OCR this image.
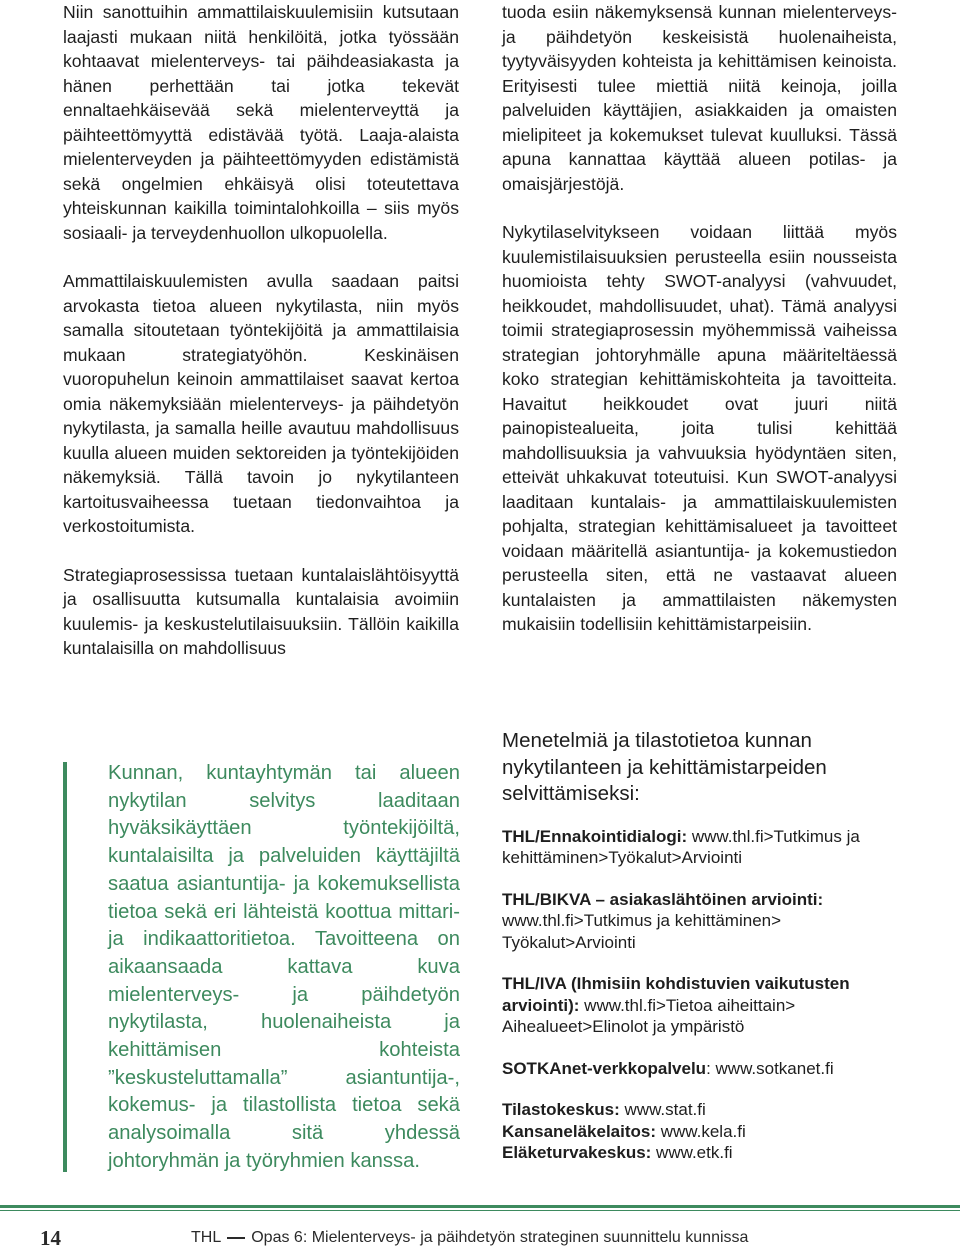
Niin sanottuihin ammattilaiskuulemisiin kutsutaan laajasti mukaan niitä henkilöitä, jotka työssään kohtaavat mielenterveys- tai päihdeasiakasta ja hänen perhettään tai jotka tekevät ennaltaehkäisevää sekä mielenterveyttä ja päihteettömyyttä edistävää työtä. Laaja-alaista mielenterveyden ja päihteettömyyden edistämistä sekä ongelmien ehkäisyä olisi toteutettava yhteiskunnan kaikilla toimintalohkoilla – siis myös sosiaali- ja terveydenhuollon ulkopuolella.

Ammattilaiskuulemisten avulla saadaan paitsi arvokasta tietoa alueen nykytilasta, niin myös samalla sitoutetaan työntekijöitä ja ammattilaisia mukaan strategiatyöhön. Keskinäisen vuoropuhelun keinoin ammattilaiset saavat kertoa omia näkemyksiään mielenterveys- ja päihdetyön nykytilasta, ja samalla heille avautuu mahdollisuus kuulla alueen muiden sektoreiden ja työntekijöiden näkemyksiä. Tällä tavoin jo nykytilanteen kartoitusvaiheessa tuetaan tiedonvaihtoa ja verkostoitumista.

Strategiaprosessissa tuetaan kuntalaislähtöisyyttä ja osallisuutta kutsumalla kuntalaisia avoimiin kuulemis- ja keskustelutilaisuuksiin. Tällöin kaikilla kuntalaisilla on mahdollisuus

tuoda esiin näkemyksensä kunnan mielenterveys- ja päihdetyön keskeisistä huolenaiheista, tyytyväisyyden kohteista ja kehittämisen keinoista. Erityisesti tulee miettiä niitä keinoja, joilla palveluiden käyttäjien, asiakkaiden ja omaisten mielipiteet ja kokemukset tulevat kuulluksi. Tässä apuna kannattaa käyttää alueen potilas- ja omaisjärjestöjä.

Nykytilaselvitykseen voidaan liittää myös kuulemistilaisuuksien perusteella esiin nousseista huomioista tehty SWOT-analyysi (vahvuudet, heikkoudet, mahdollisuudet, uhat). Tämä analyysi toimii strategiaprosessin myöhemmissä vaiheissa strategian johtoryhmälle apuna määriteltäessä koko strategian kehittämiskohteita ja tavoitteita. Havaitut heikkoudet ovat juuri niitä painopistealueita, joita tulisi kehittää mahdollisuuksia ja vahvuuksia hyödyntäen siten, etteivät uhkakuvat toteutuisi. Kun SWOT-analyysi laaditaan kuntalais- ja ammattilaiskuulemisten pohjalta, strategian kehittämisalueet ja tavoitteet voidaan määritellä asiantuntija- ja kokemustiedon perusteella siten, että ne vastaavat alueen kuntalaisten ja ammattilaisten näkemysten mukaisiin todellisiin kehittämistarpeisiin.

Kunnan, kuntayhtymän tai alueen nykytilan selvitys laaditaan hyväksikäyttäen työntekijöiltä, kuntalaisilta ja palveluiden käyttäjiltä saatua asiantuntija- ja kokemuksellista tietoa sekä eri lähteistä koottua mittari- ja indikaattoritietoa. Tavoitteena on aikaansaada kattava kuva mielenterveys- ja päihdetyön nykytilasta, huolenaiheista ja kehittämisen kohteista ”keskusteluttamalla” asiantuntija-, kokemus- ja tilastollista tietoa sekä analysoimalla sitä yhdessä johtoryhmän ja työryhmien kanssa.
Menetelmiä ja tilastotietoa kunnan nykytilanteen ja kehittämistarpeiden selvittämiseksi:
THL/Ennakointidialogi: www.thl.fi>Tutkimus ja kehittäminen>Työkalut>Arviointi
THL/BIKVA – asiakaslähtöinen arviointi: www.thl.fi>Tutkimus ja kehittäminen> Työkalut>Arviointi
THL/IVA (Ihmisiin kohdistuvien vaikutusten arviointi): www.thl.fi>Tietoa aiheittain> Aihealueet>Elinolot ja ympäristö
SOTKAnet-verkkopalvelu: www.sotkanet.fi
Tilastokeskus: www.stat.fi
Kansaneläkelaitos: www.kela.fi
Eläketurvakeskus: www.etk.fi
14	THL Opas 6: Mielenterveys- ja päihdetyön strateginen suunnittelu kunnissa
